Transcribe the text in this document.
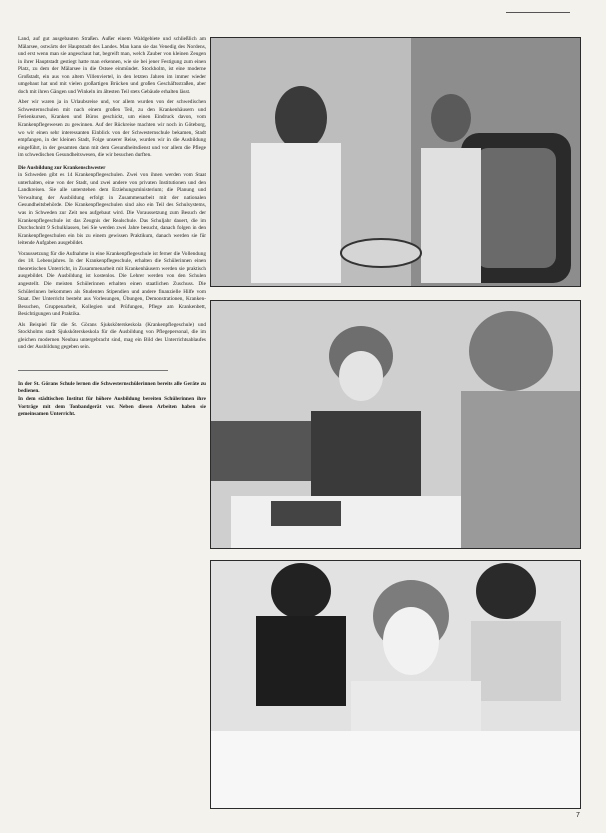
Land, auf gut ausgebauten Straßen. Außer einem Waldgebiete und schließlich am Mälarsee, ostwärts der Hauptstadt des Landes. Man kann sie das Venedig des Nordens, und erst wenn man sie angeschaut hat, begreift man, welch Zauber von kleinen Zeugen in ihrer Hauptstadt gestiegt hatte man erkennen, wie sie bei jener Festigung zum einen Platz, zu dem der Mälarsee in die Ostsee einmündet. Stockholm, ist eine moderne Großstadt, ein aus von altem Villenviertel, in den letzten Jahren im immer wieder umgebaut hat und mit vielen großartigen Brücken und großen Geschäftsstraßen, aber doch mit ihren Gängen und Winkeln im ältesten Teil stets Gebäude erhalten lässt.

Aber wir waren ja in Urlaubsreise und, vor allem wurden von der schwedischen Schwesternschulen mit nach einem großen Teil, zu den Krankenhäusern und Ferienkursen, Kranken und Büros geschickt, um einen Eindruck davon, vom Krankenpflegewesen zu gewinnen. Auf der Rückreise machten wir noch in Göteborg, wo wir einen sehr interessanten Einblick von der Schwesternschule bekamen, Stadt empfangen, in der kleinen Stadt, Folge unserer Reise, wurden wir in die Ausbildung eingeführt, in der gesamten dann mit dem Gesundheitsdienst und vor allem die Pflege im schwedischen Gesundheitswesen, die wir besuchen durften.

Die Ausbildung zur Krankenschwester

in Schweden gibt es 14 Krankenpflegeschulen. Zwei von ihnen werden vom Staat unterhalten, eine von der Stadt, und zwei andere von privaten Institutionen und den Landkreisen. Sie alle unterstehen dem Erziehungsministerium; die Planung und Verwaltung der Ausbildung erfolgt in Zusammenarbeit mit der nationalen Gesundheitsbehörde. Die Krankenpflegeschulen sind also ein Teil des Schulsystems, was in Schweden zur Zeit neu aufgebaut wird. Die Voraussetzung zum Besuch der Krankenpflegeschule ist das Zeugnis der Realschule. Das Schuljahr dauert, die im Durchschnitt 9 Schulklassen, bei Sie werden zwei Jahre besucht, danach folgen in den Krankenpflegeschulen ein bis zu einem gewissen Praktikum, danach werden sie für leitende Aufgaben ausgebildet.

Voraussetzung für die Aufnahme in eine Krankenpflegeschule ist ferner die Vollendung des 18. Lebensjahres. In der Krankenpflegeschule, erhalten die Schülerinnen einen theoretischen Unterricht, in Zusammenarbeit mit Krankenhäusern werden sie praktisch ausgebildet. Die Ausbildung ist kostenlos. Die Lehrer werden von den Schulen angestellt. Die meisten Schülerinnen erhalten einen staatlichen Zuschuss. Die Schülerinnen bekommen als Studenten Stipendien und andere finanzielle Hilfe vom Staat. Der Unterricht besteht aus Vorlesungen, Übungen, Demonstrationen, Kranken-Besuchen, Gruppenarbeit, Kollegien und Prüfungen, Pflege am Krankenbett, Besichtigungen und Praktika.

Als Beispiel für die St. Görans Sjuksköterskeskola (Krankenpflegeschule) und Stockholms stadt Sjuksköterskeskola für die Ausbildung von Pflegepersonal, die im gleichen modernen Neubau untergebracht sind, mag ein Bild des Unterrichtsablaufes und der Ausbildung gegeben sein.

In der St. Görans Schule lernen die Schwesternschülerinnen bereits alle Geräte zu bedienen.

In dem städtischen Institut für höhere Ausbildung bereiten Schülerinnen ihre Vorträge mit dem Tonbandgerät vor. Neben diesen Arbeiten haben sie gemeinsamen Unterricht.

7
